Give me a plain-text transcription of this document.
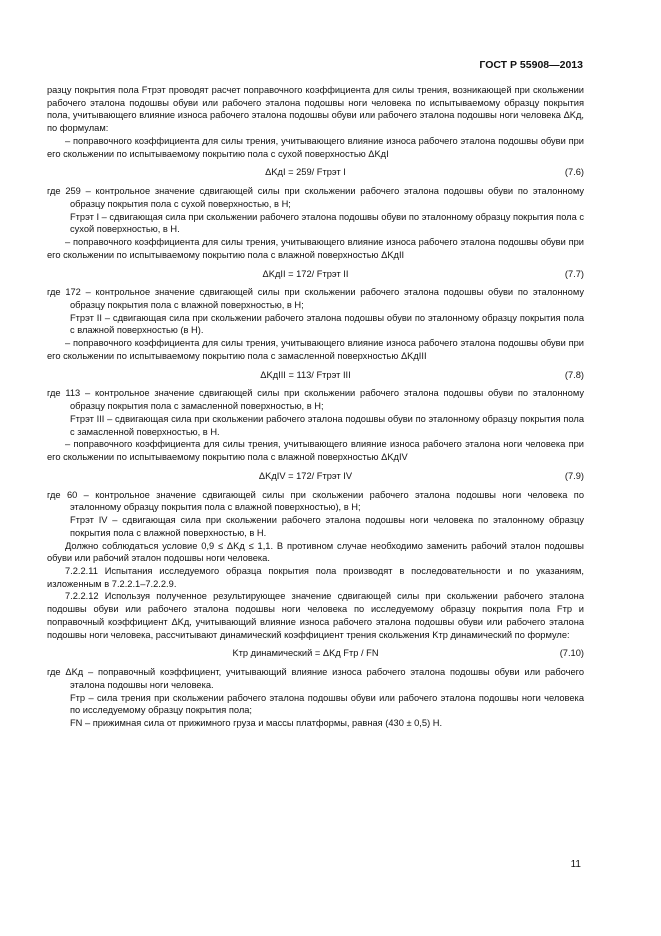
ГОСТ Р 55908—2013

разцу покрытия пола Fтрэт проводят расчет поправочного коэффициента для силы трения, возникающей при скольжении рабочего эталона подошвы обуви или рабочего эталона подошвы ноги человека по испытываемому образцу покрытия пола, учитывающего влияние износа рабочего эталона подошвы обуви или рабочего эталона подошвы ноги человека ΔKд, по формулам:

– поправочного коэффициента для силы трения, учитывающего влияние износа рабочего эталона подошвы обуви при его скольжении по испытываемому покрытию пола с сухой поверхностью ΔKдI

ΔKдI = 259/ Fтрэт I	(7.6)

где 259 – контрольное значение сдвигающей силы при скольжении рабочего эталона подошвы обуви по эталонному образцу покрытия пола с сухой поверхностью, в Н;

Fтрэт I – сдвигающая сила при скольжении рабочего эталона подошвы обуви по эталонному образцу покрытия пола с сухой поверхностью, в Н.

– поправочного коэффициента для силы трения, учитывающего влияние износа рабочего эталона подошвы обуви при его скольжении по испытываемому покрытию пола с влажной поверхностью ΔKдII

ΔKдII = 172/ Fтрэт II	(7.7)

где 172 – контрольное значение сдвигающей силы при скольжении рабочего эталона подошвы обуви по эталонному образцу покрытия пола с влажной поверхностью, в Н;

Fтрэт II – сдвигающая сила при скольжении рабочего эталона подошвы обуви по эталонному образцу покрытия пола с влажной поверхностью (в Н).

– поправочного коэффициента для силы трения, учитывающего влияние износа рабочего эталона подошвы обуви при его скольжении по испытываемому покрытию пола с замасленной поверхностью ΔKдIII

ΔKдIII = 113/ Fтрэт III	(7.8)

где 113 – контрольное значение сдвигающей силы при скольжении рабочего эталона подошвы обуви по эталонному образцу покрытия пола с замасленной поверхностью, в Н;

Fтрэт III – сдвигающая сила при скольжении рабочего эталона подошвы обуви по эталонному образцу покрытия пола с замасленной поверхностью, в Н.

– поправочного коэффициента для силы трения, учитывающего влияние износа рабочего эталона ноги человека при его скольжении по испытываемому покрытию пола с влажной поверхностью ΔKдIV

ΔKдIV = 172/ Fтрэт IV	(7.9)

где 60 – контрольное значение сдвигающей силы при скольжении рабочего эталона подошвы ноги человека по эталонному образцу покрытия пола с влажной поверхностью), в Н;

Fтрэт IV – сдвигающая сила при скольжении рабочего эталона подошвы ноги человека по эталонному образцу покрытия пола с влажной поверхностью, в Н.

Должно соблюдаться условие 0,9 ≤ ΔKд ≤ 1,1. В противном случае необходимо заменить рабочий эталон подошвы обуви или рабочий эталон подошвы ноги человека.

7.2.2.11 Испытания исследуемого образца покрытия пола производят в последовательности и по указаниям, изложенным в 7.2.2.1–7.2.2.9.

7.2.2.12 Используя полученное результирующее значение сдвигающей силы при скольжении рабочего эталона подошвы обуви или рабочего эталона подошвы ноги человека по исследуемому образцу покрытия пола Fтр и поправочный коэффициент ΔKд, учитывающий влияние износа рабочего эталона подошвы обуви или рабочего эталона подошвы ноги человека, рассчитывают динамический коэффициент трения скольжения Kтр динамический по формуле:

Kтр динамический = ΔKд Fтр / FN	(7.10)

где ΔKд – поправочный коэффициент, учитывающий влияние износа рабочего эталона подошвы обуви или рабочего эталона подошвы ноги человека.

Fтр – сила трения при скольжении рабочего эталона подошвы обуви или рабочего эталона подошвы ноги человека по исследуемому образцу покрытия пола;

FN – прижимная сила от прижимного груза и массы платформы, равная (430 ± 0,5) Н.

11
